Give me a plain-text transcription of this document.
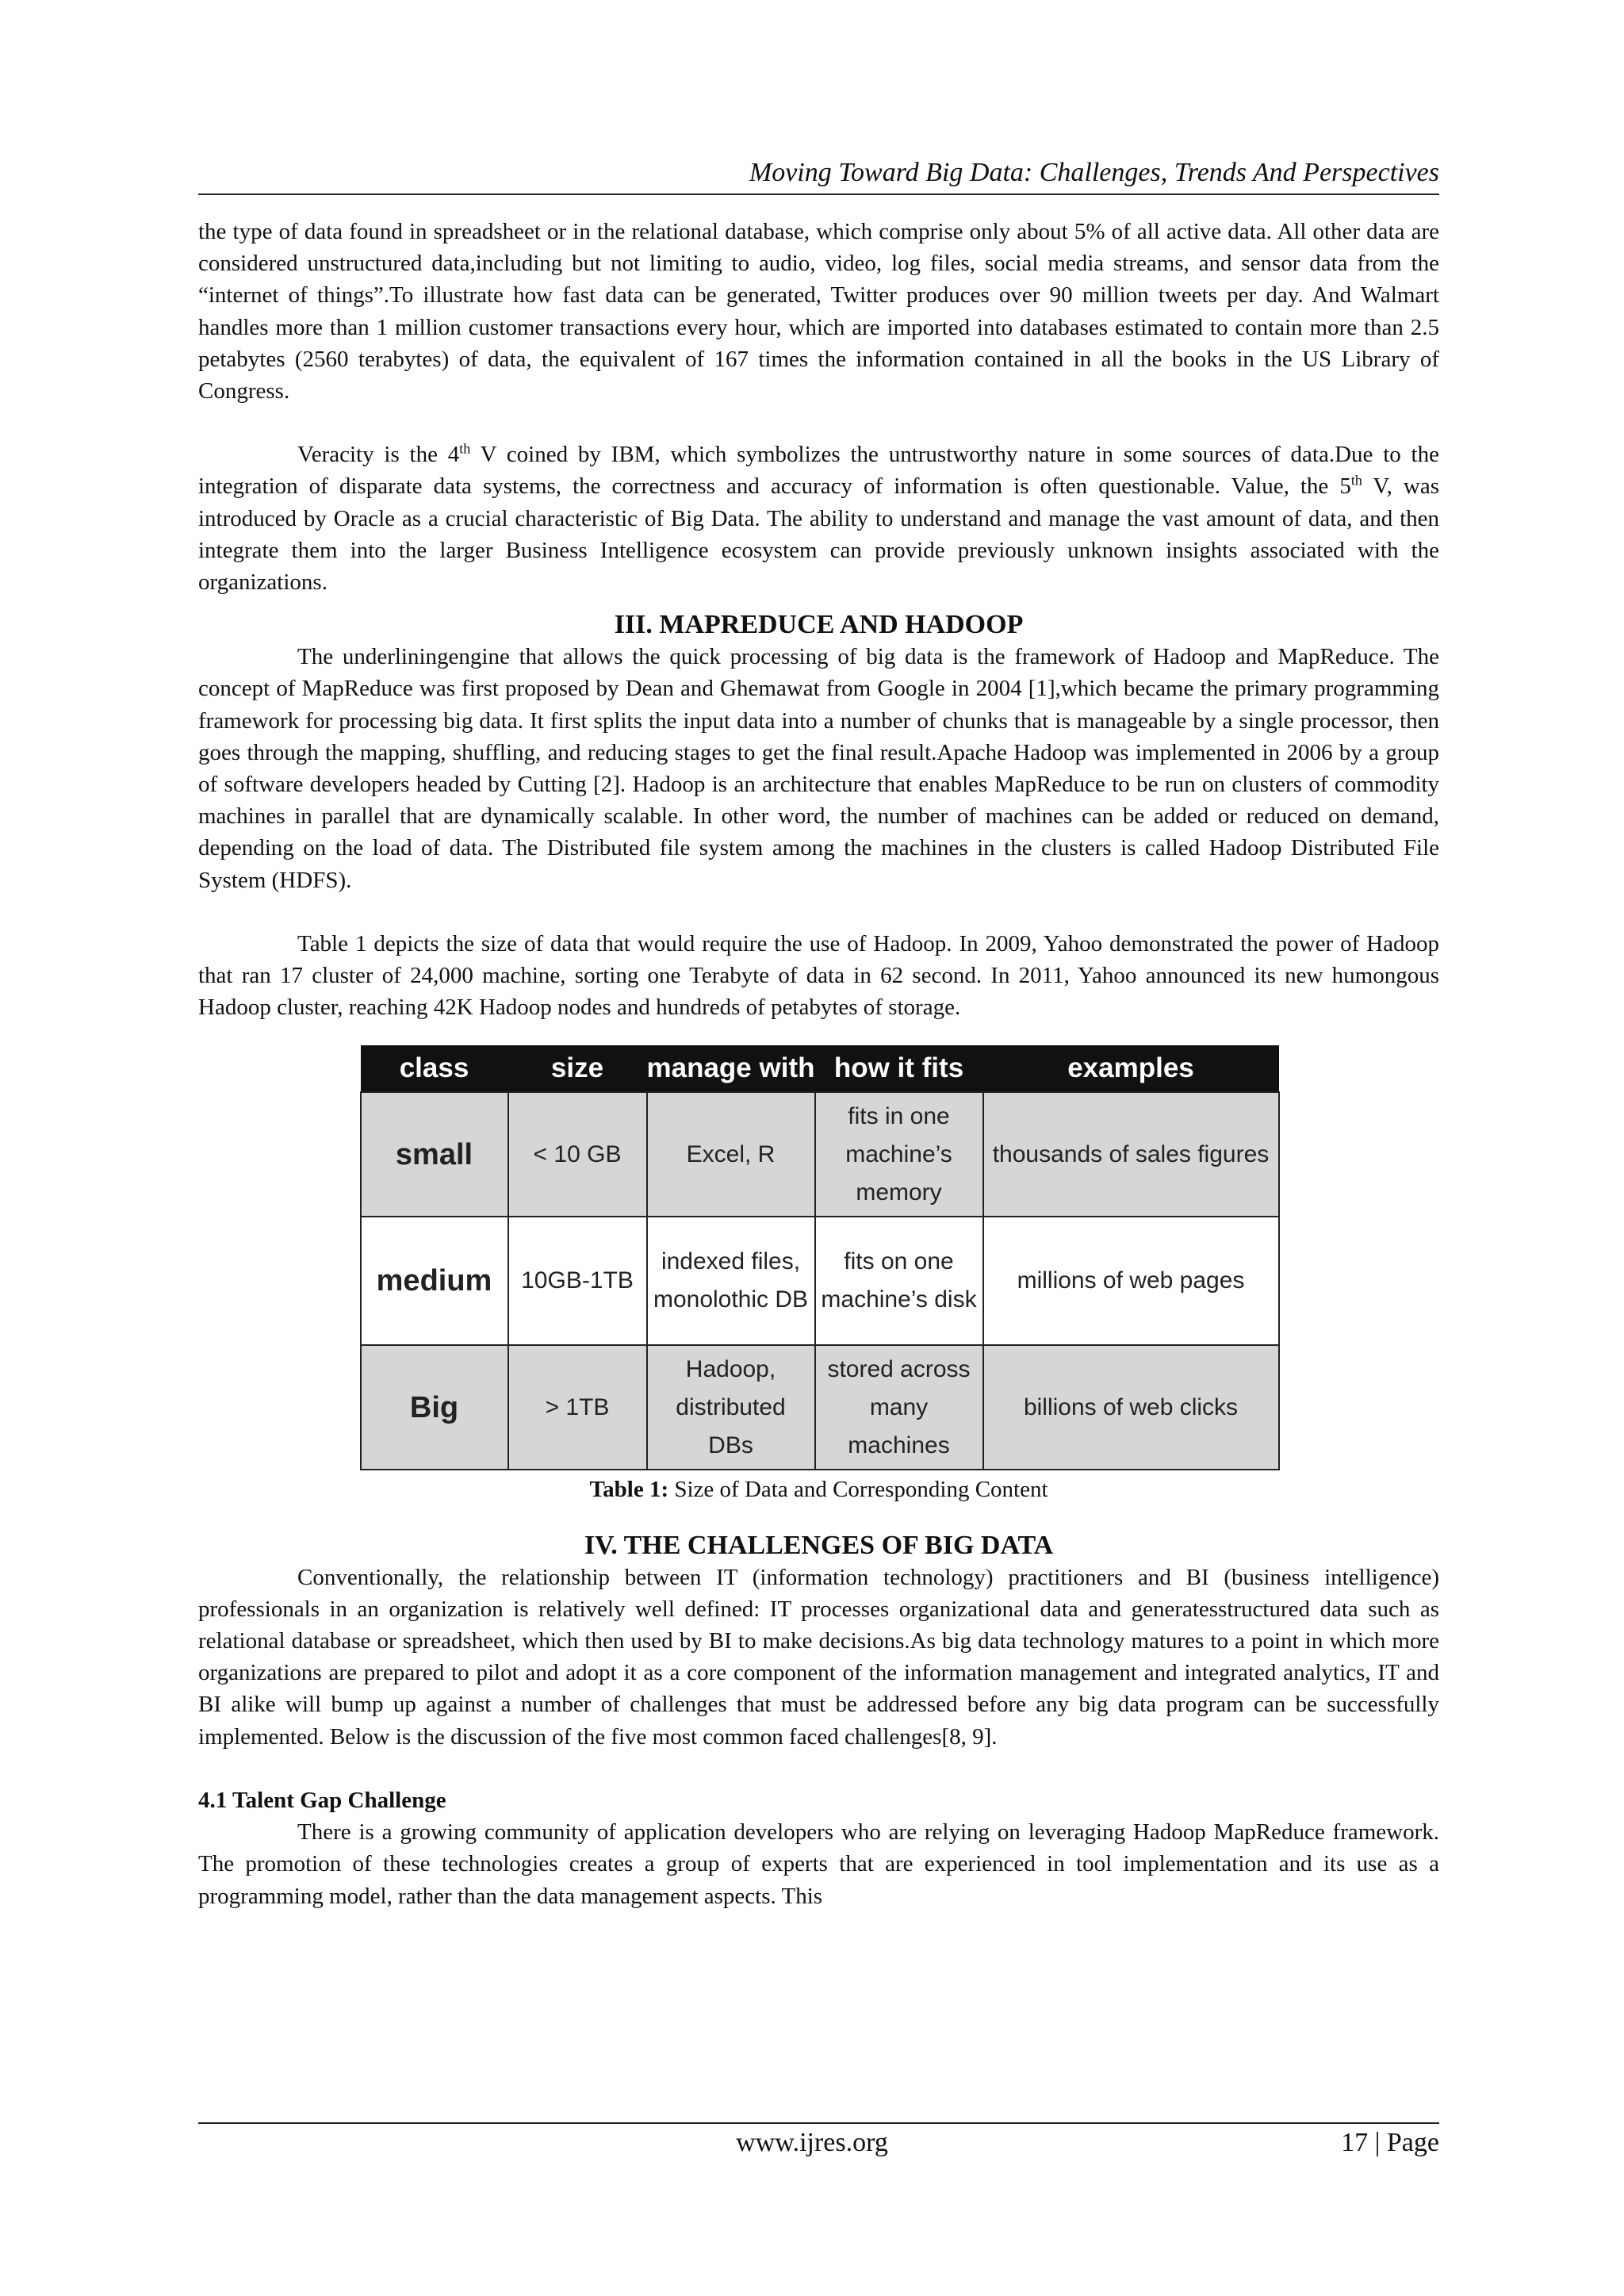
Moving Toward Big Data: Challenges, Trends And Perspectives

the type of data found in spreadsheet or in the relational database, which comprise only about 5% of all active data. All other data are considered unstructured data,including but not limiting to audio, video, log files, social media streams, and sensor data from the “internet of things”.To illustrate how fast data can be generated, Twitter produces over 90 million tweets per day. And Walmart handles more than 1 million customer transactions every hour, which are imported into databases estimated to contain more than 2.5 petabytes (2560 terabytes) of data, the equivalent of 167 times the information contained in all the books in the US Library of Congress.

Veracity is the 4th V coined by IBM, which symbolizes the untrustworthy nature in some sources of data.Due to the integration of disparate data systems, the correctness and accuracy of information is often questionable. Value, the 5th V, was introduced by Oracle as a crucial characteristic of Big Data. The ability to understand and manage the vast amount of data, and then integrate them into the larger Business Intelligence ecosystem can provide previously unknown insights associated with the organizations.

III. MAPREDUCE AND HADOOP

The underliningengine that allows the quick processing of big data is the framework of Hadoop and MapReduce. The concept of MapReduce was first proposed by Dean and Ghemawat from Google in 2004 [1],which became the primary programming framework for processing big data. It first splits the input data into a number of chunks that is manageable by a single processor, then goes through the mapping, shuffling, and reducing stages to get the final result.Apache Hadoop was implemented in 2006 by a group of software developers headed by Cutting [2]. Hadoop is an architecture that enables MapReduce to be run on clusters of commodity machines in parallel that are dynamically scalable. In other word, the number of machines can be added or reduced on demand, depending on the load of data. The Distributed file system among the machines in the clusters is called Hadoop Distributed File System (HDFS).

Table 1 depicts the size of data that would require the use of Hadoop. In 2009, Yahoo demonstrated the power of Hadoop that ran 17 cluster of 24,000 machine, sorting one Terabyte of data in 62 second. In 2011, Yahoo announced its new humongous Hadoop cluster, reaching 42K Hadoop nodes and hundreds of petabytes of storage.

class	size	manage with	how it fits	examples
small	< 10 GB	Excel, R	fits in one machine’s memory	thousands of sales figures
medium	10GB-1TB	indexed files, monolothic DB	fits on one machine’s disk	millions of web pages
Big	> 1TB	Hadoop, distributed DBs	stored across many machines	billions of web clicks

Table 1: Size of Data and Corresponding Content

IV. THE CHALLENGES OF BIG DATA

Conventionally, the relationship between IT (information technology) practitioners and BI (business intelligence) professionals in an organization is relatively well defined: IT processes organizational data and generatesstructured data such as relational database or spreadsheet, which then used by BI to make decisions.As big data technology matures to a point in which more organizations are prepared to pilot and adopt it as a core component of the information management and integrated analytics, IT and BI alike will bump up against a number of challenges that must be addressed before any big data program can be successfully implemented. Below is the discussion of the five most common faced challenges[8, 9].

4.1 Talent Gap Challenge

There is a growing community of application developers who are relying on leveraging Hadoop MapReduce framework. The promotion of these technologies creates a group of experts that are experienced in tool implementation and its use as a programming model, rather than the data management aspects. This

www.ijres.org	17 | Page
